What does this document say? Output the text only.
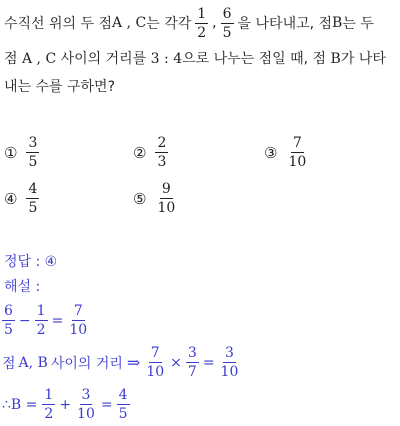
수직선 위의 두 점 A , C 는 각각 $\frac{1}{2}$ , $\frac{6}{5}$ 을 나타내고, 점 B 는 두
점 A , C 사이의 거리를 3 : 4으로 나누는 점일 때, 점 B가 나타
내는 수를 구하면?
① $\frac{3}{5}$	② $\frac{2}{3}$	③ $\frac{7}{10}$
④ $\frac{4}{5}$	⑤ $\frac{9}{10}$
정답 : ④
해설 :
$\frac{6}{5} - \frac{1}{2} = \frac{7}{10}$
점 A, B 사이의 거리 ⇒ $\frac{7}{10} \times \frac{3}{7} = \frac{3}{10}$
∴B = $\frac{1}{2} + \frac{3}{10} = \frac{4}{5}$
